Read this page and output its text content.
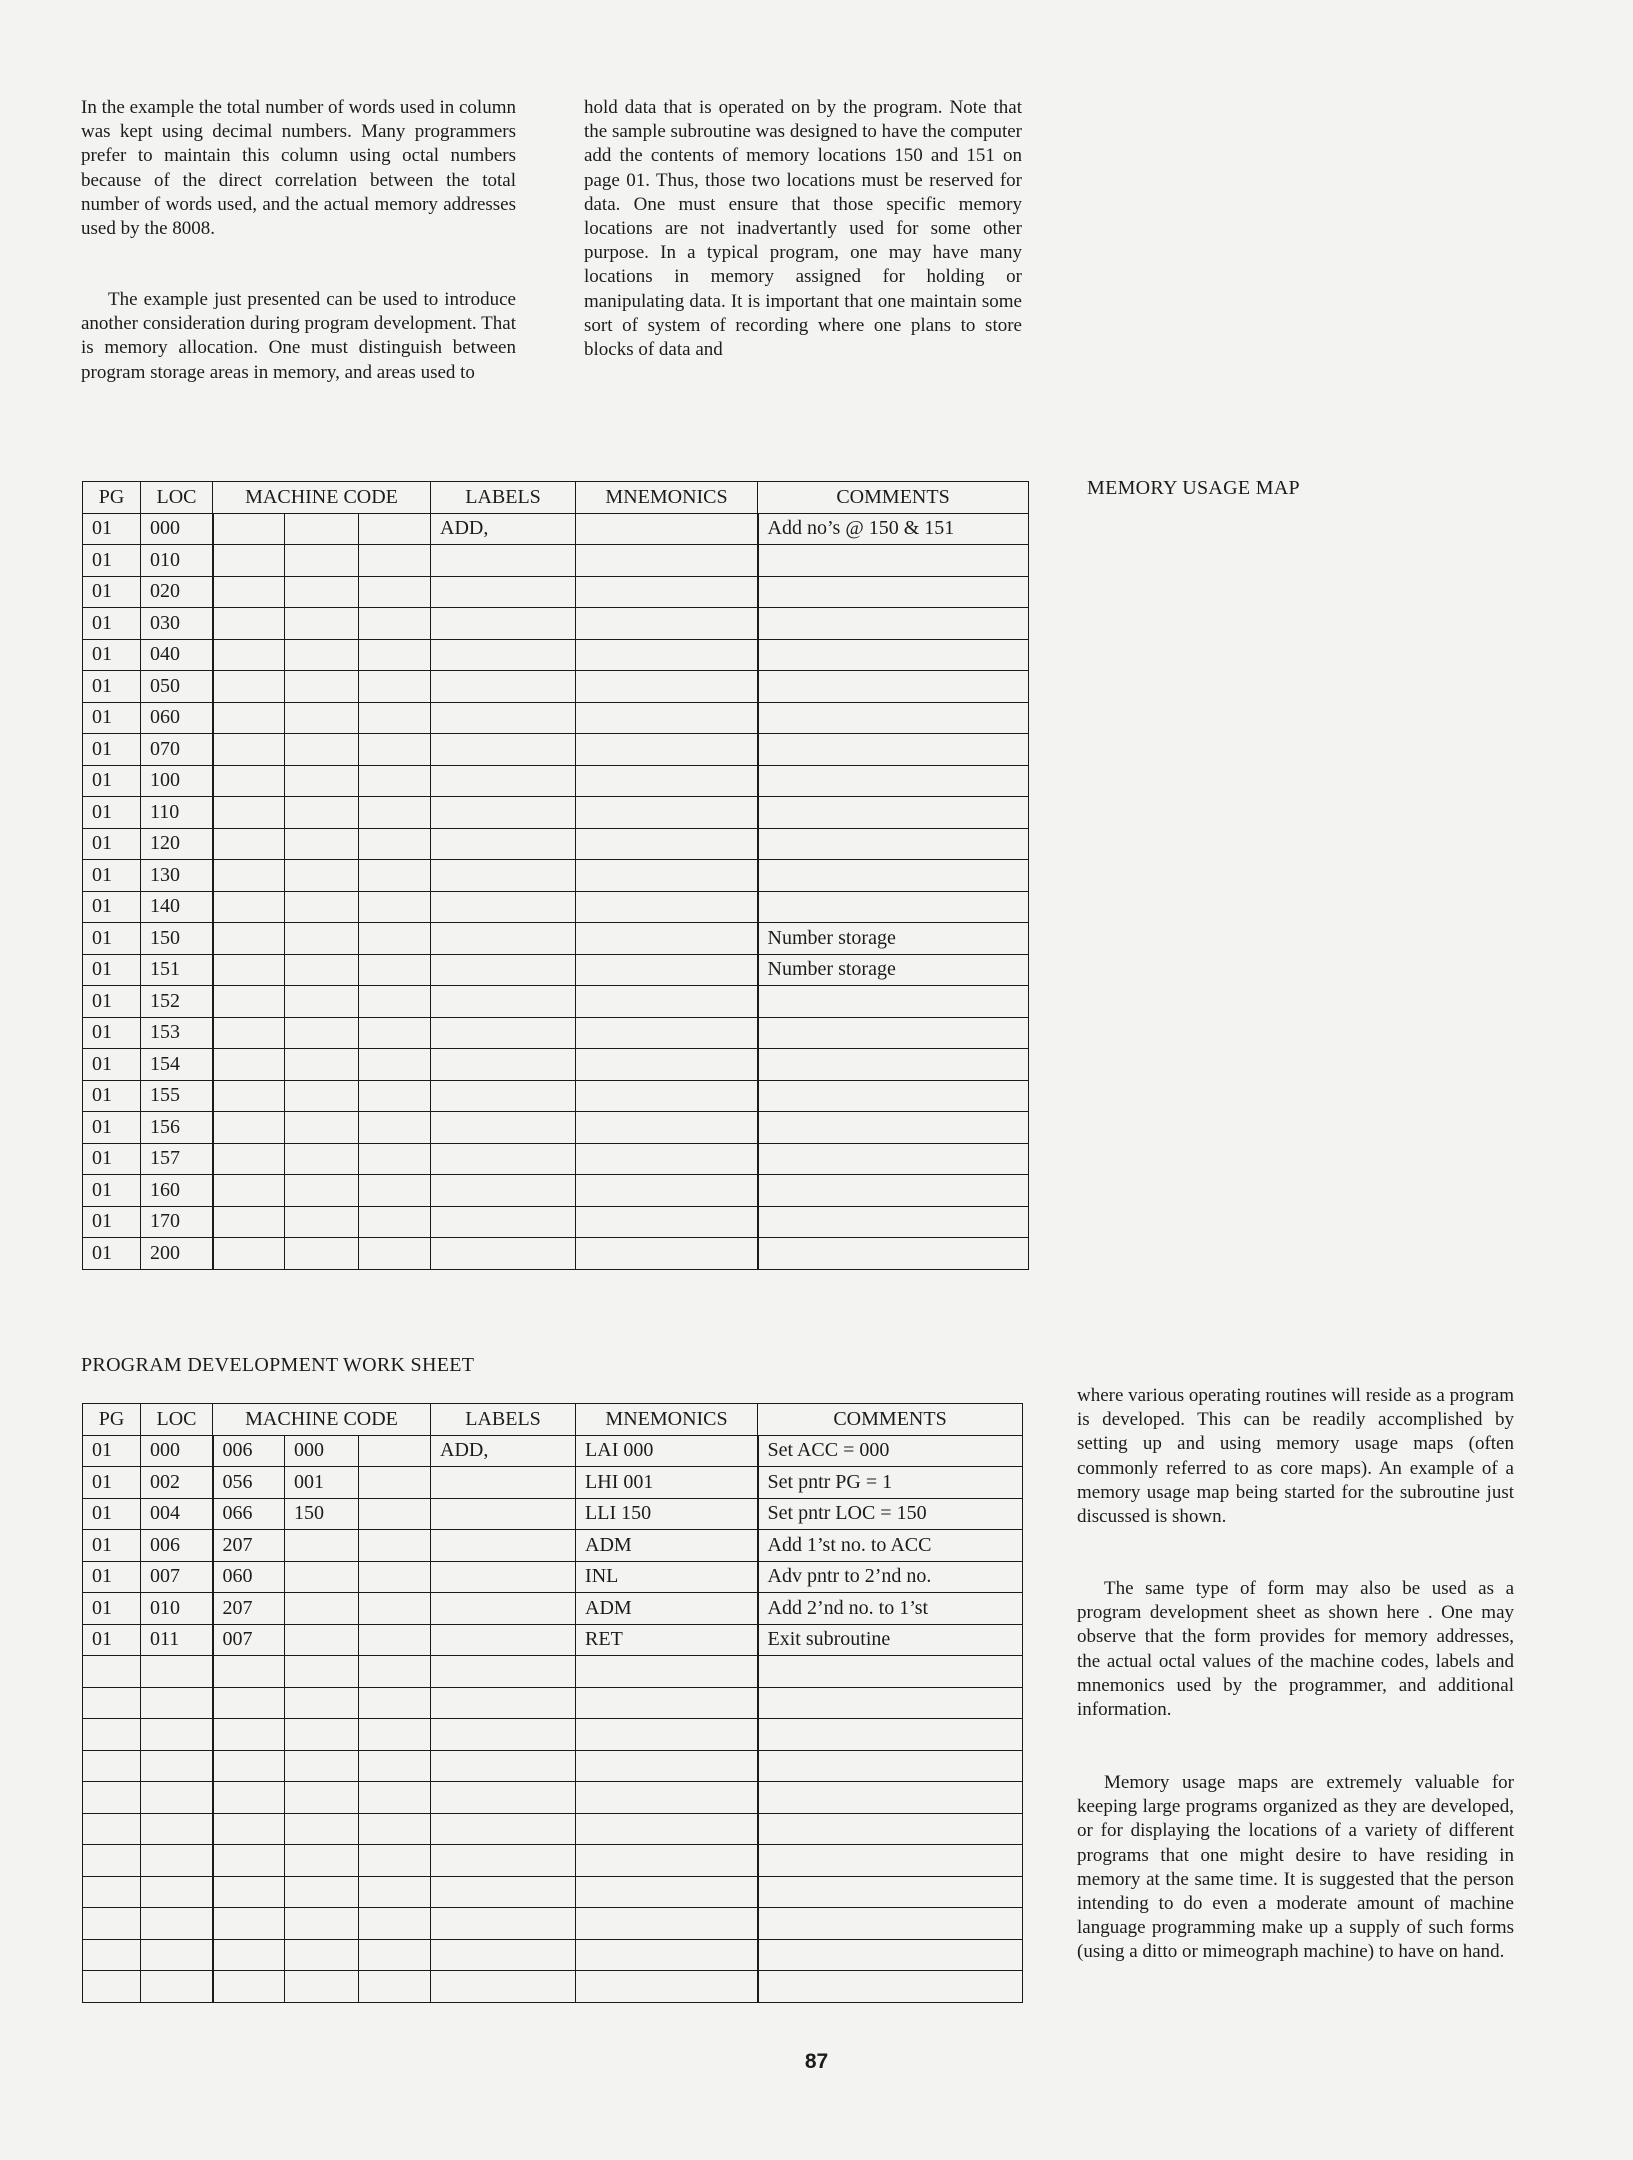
In the example the total number of words used in column was kept using decimal numbers. Many programmers prefer to maintain this column using octal numbers because of the direct correlation between the total number of words used, and the actual memory addresses used by the 8008.

The example just presented can be used to introduce another consideration during program development. That is memory allocation. One must distinguish between program storage areas in memory, and areas used to

hold data that is operated on by the program. Note that the sample subroutine was designed to have the computer add the contents of memory locations 150 and 151 on page 01. Thus, those two locations must be reserved for data. One must ensure that those specific memory locations are not inadvertantly used for some other purpose. In a typical program, one may have many locations in memory assigned for holding or manipulating data. It is important that one maintain some sort of system of recording where one plans to store blocks of data and

MEMORY USAGE MAP
PG	LOC	MACHINE CODE			LABELS	MNEMONICS	COMMENTS
01	000				ADD,		Add no’s @ 150 & 151
01	010						
01	020						
01	030						
01	040						
01	050						
01	060						
01	070						
01	100						
01	110						
01	120						
01	130						
01	140						
01	150						Number storage
01	151						Number storage
01	152						
01	153						
01	154						
01	155						
01	156						
01	157						
01	160						
01	170						
01	200						
PROGRAM DEVELOPMENT WORK SHEET
PG	LOC	MACHINE CODE			LABELS	MNEMONICS	COMMENTS
01	000	006	000		ADD,	LAI 000	Set ACC = 000
01	002	056	001			LHI 001	Set pntr PG = 1
01	004	066	150			LLI 150	Set pntr LOC = 150
01	006	207				ADM	Add 1’st no. to ACC
01	007	060				INL	Adv pntr to 2’nd no.
01	010	207				ADM	Add 2’nd no. to 1’st
01	011	007				RET	Exit subroutine

where various operating routines will reside as a program is developed. This can be readily accomplished by setting up and using memory usage maps (often commonly referred to as core maps). An example of a memory usage map being started for the subroutine just discussed is shown.

The same type of form may also be used as a program development sheet as shown here . One may observe that the form provides for memory addresses, the actual octal values of the machine codes, labels and mnemonics used by the programmer, and additional information.

Memory usage maps are extremely valuable for keeping large programs organized as they are developed, or for displaying the locations of a variety of different programs that one might desire to have residing in memory at the same time. It is suggested that the person intending to do even a moderate amount of machine language programming make up a supply of such forms (using a ditto or mimeograph machine) to have on hand.

87
